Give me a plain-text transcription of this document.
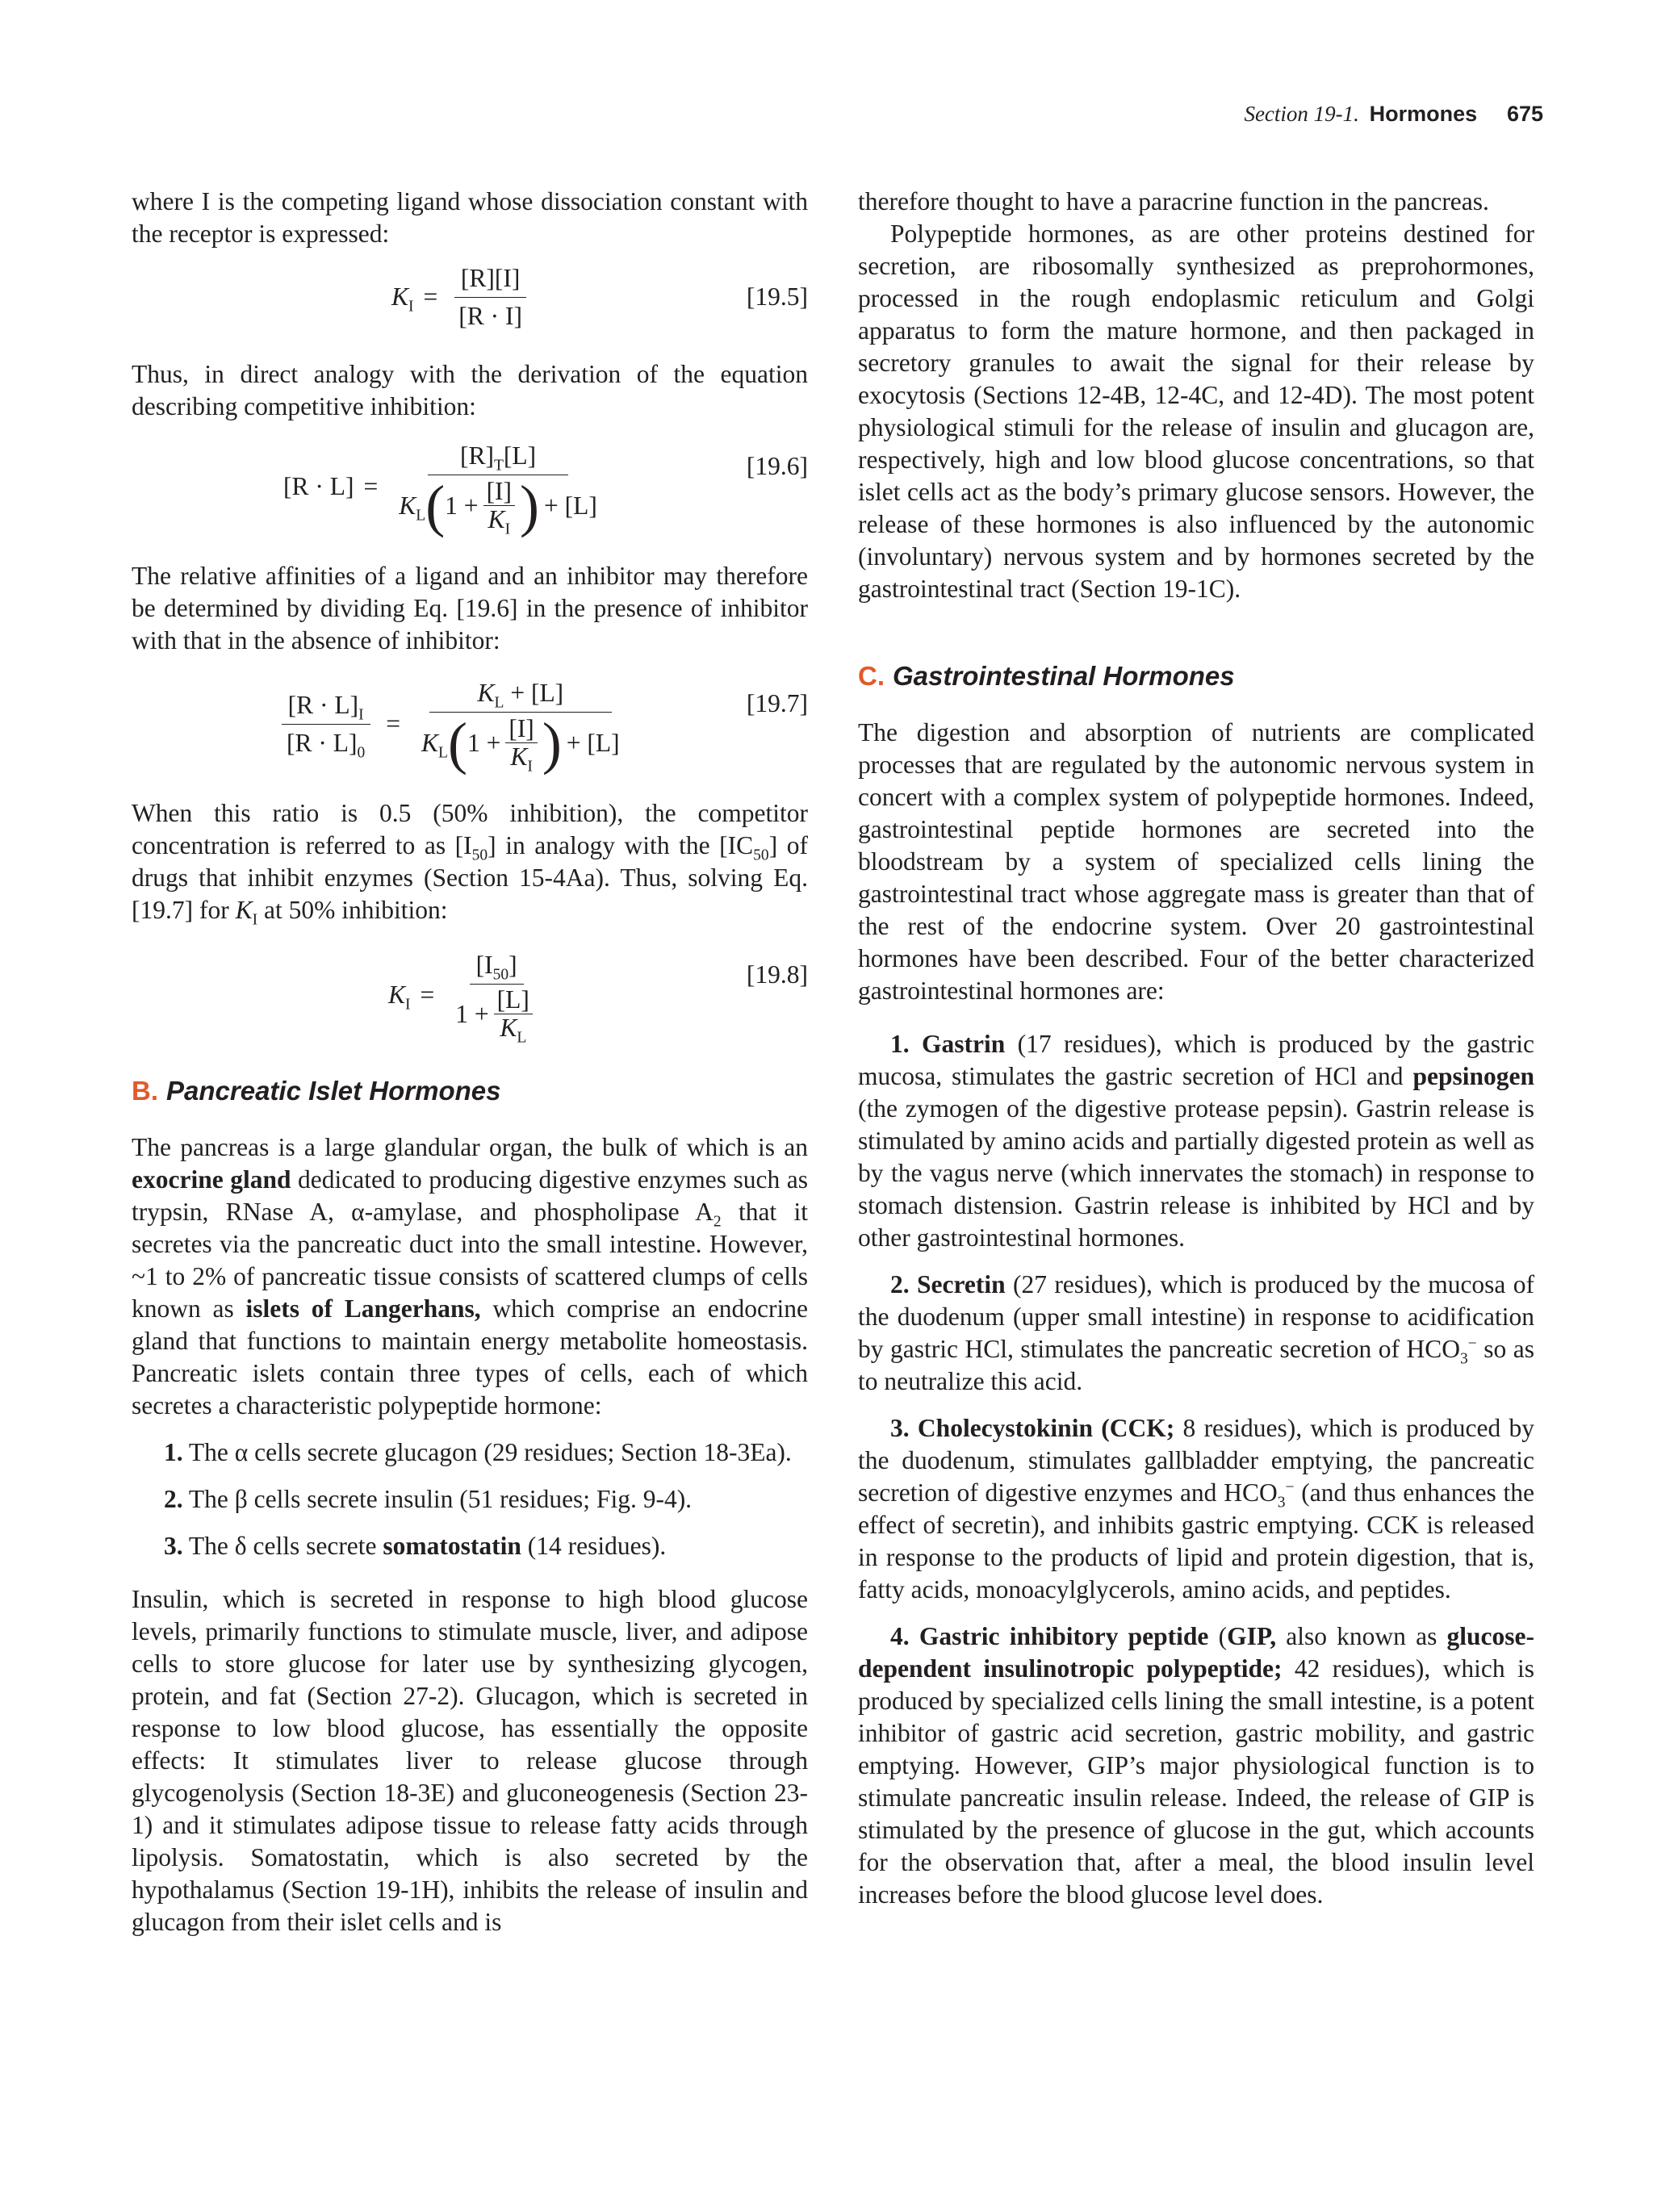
Section 19-1. Hormones 675

where I is the competing ligand whose dissociation constant with the receptor is expressed:

$K_I = \frac{[R][I]}{[R \cdot I]}$	[19.5]

Thus, in direct analogy with the derivation of the equation describing competitive inhibition:

[R · L] =
$[R]_T[L]$
$K_L$ ( $1 + \frac{[I]}{K_I}$ ) + [L]
[19.6]

The relative affinities of a ligand and an inhibitor may therefore be determined by dividing Eq. [19.6] in the presence of inhibitor with that in the absence of inhibitor:

$\frac{[R \cdot L]_I}{[R \cdot L]_0}$ =
$K_L + [L]$
$K_L$ ( $1 + \frac{[I]}{K_I}$ ) + [L]
[19.7]

When this ratio is 0.5 (50% inhibition), the competitor concentration is referred to as $[I_{50}]$ in analogy with the $[IC_{50}]$ of drugs that inhibit enzymes (Section 15-4Aa). Thus, solving Eq. [19.7] for $K_I$ at 50% inhibition:

$K_I = \frac{[I_{50}]}{1 + \frac{[L]}{K_L}}$	[19.8]
B. Pancreatic Islet Hormones

The pancreas is a large glandular organ, the bulk of which is an exocrine gland dedicated to producing digestive enzymes such as trypsin, RNase A, α-amylase, and phospholipase $A_2$ that it secretes via the pancreatic duct into the small intestine. However, ~1 to 2% of pancreatic tissue consists of scattered clumps of cells known as islets of Langerhans, which comprise an endocrine gland that functions to maintain energy metabolite homeostasis. Pancreatic islets contain three types of cells, each of which secretes a characteristic polypeptide hormone:

1. The α cells secrete glucagon (29 residues; Section 18-3Ea).

2. The β cells secrete insulin (51 residues; Fig. 9-4).

3. The δ cells secrete somatostatin (14 residues).

Insulin, which is secreted in response to high blood glucose levels, primarily functions to stimulate muscle, liver, and adipose cells to store glucose for later use by synthesizing glycogen, protein, and fat (Section 27-2). Glucagon, which is secreted in response to low blood glucose, has essentially the opposite effects: It stimulates liver to release glucose through glycogenolysis (Section 18-3E) and gluconeogenesis (Section 23-1) and it stimulates adipose tissue to release fatty acids through lipolysis. Somatostatin, which is also secreted by the hypothalamus (Section 19-1H), inhibits the release of insulin and glucagon from their islet cells and is

therefore thought to have a paracrine function in the pancreas.

Polypeptide hormones, as are other proteins destined for secretion, are ribosomally synthesized as preprohormones, processed in the rough endoplasmic reticulum and Golgi apparatus to form the mature hormone, and then packaged in secretory granules to await the signal for their release by exocytosis (Sections 12-4B, 12-4C, and 12-4D). The most potent physiological stimuli for the release of insulin and glucagon are, respectively, high and low blood glucose concentrations, so that islet cells act as the body’s primary glucose sensors. However, the release of these hormones is also influenced by the autonomic (involuntary) nervous system and by hormones secreted by the gastrointestinal tract (Section 19-1C).

C. Gastrointestinal Hormones

The digestion and absorption of nutrients are complicated processes that are regulated by the autonomic nervous system in concert with a complex system of polypeptide hormones. Indeed, gastrointestinal peptide hormones are secreted into the bloodstream by a system of specialized cells lining the gastrointestinal tract whose aggregate mass is greater than that of the rest of the endocrine system. Over 20 gastrointestinal hormones have been described. Four of the better characterized gastrointestinal hormones are:

1. Gastrin (17 residues), which is produced by the gastric mucosa, stimulates the gastric secretion of HCl and pepsinogen (the zymogen of the digestive protease pepsin). Gastrin release is stimulated by amino acids and partially digested protein as well as by the vagus nerve (which innervates the stomach) in response to stomach distension. Gastrin release is inhibited by HCl and by other gastrointestinal hormones.

2. Secretin (27 residues), which is produced by the mucosa of the duodenum (upper small intestine) in response to acidification by gastric HCl, stimulates the pancreatic secretion of $HCO_3^-$ so as to neutralize this acid.

3. Cholecystokinin (CCK; 8 residues), which is produced by the duodenum, stimulates gallbladder emptying, the pancreatic secretion of digestive enzymes and $HCO_3^-$ (and thus enhances the effect of secretin), and inhibits gastric emptying. CCK is released in response to the products of lipid and protein digestion, that is, fatty acids, monoacylglycerols, amino acids, and peptides.

4. Gastric inhibitory peptide (GIP, also known as glucose-dependent insulinotropic polypeptide; 42 residues), which is produced by specialized cells lining the small intestine, is a potent inhibitor of gastric acid secretion, gastric mobility, and gastric emptying. However, GIP’s major physiological function is to stimulate pancreatic insulin release. Indeed, the release of GIP is stimulated by the presence of glucose in the gut, which accounts for the observation that, after a meal, the blood insulin level increases before the blood glucose level does.
